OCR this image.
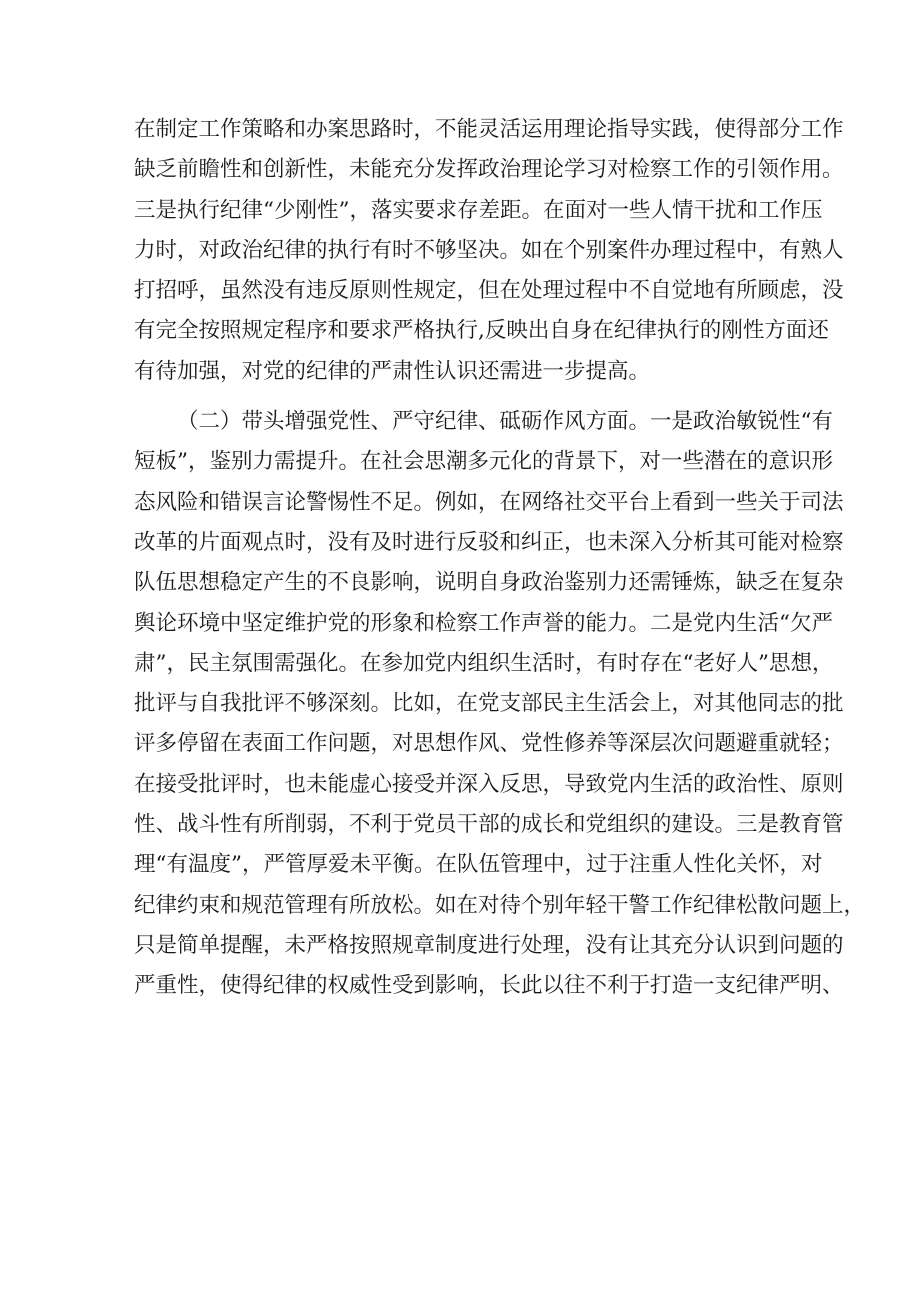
在制定工作策略和办案思路时，不能灵活运用理论指导实践，使得部分工作
缺乏前瞻性和创新性，未能充分发挥政治理论学习对检察工作的引领作用。
三是执行纪律“少刚性”，落实要求存差距。在面对一些人情干扰和工作压
力时，对政治纪律的执行有时不够坚决。如在个别案件办理过程中，有熟人
打招呼，虽然没有违反原则性规定，但在处理过程中不自觉地有所顾虑，没
有完全按照规定程序和要求严格执行,反映出自身在纪律执行的刚性方面还
有待加强，对党的纪律的严肃性认识还需进一步提高。
（二）带头增强党性、严守纪律、砥砺作风方面。一是政治敏锐性“有
短板”，鉴别力需提升。在社会思潮多元化的背景下，对一些潜在的意识形
态风险和错误言论警惕性不足。例如，在网络社交平台上看到一些关于司法
改革的片面观点时，没有及时进行反驳和纠正，也未深入分析其可能对检察
队伍思想稳定产生的不良影响，说明自身政治鉴别力还需锤炼，缺乏在复杂
舆论环境中坚定维护党的形象和检察工作声誉的能力。二是党内生活“欠严
肃”，民主氛围需强化。在参加党内组织生活时，有时存在“老好人”思想，
批评与自我批评不够深刻。比如，在党支部民主生活会上，对其他同志的批
评多停留在表面工作问题，对思想作风、党性修养等深层次问题避重就轻；
在接受批评时，也未能虚心接受并深入反思，导致党内生活的政治性、原则
性、战斗性有所削弱，不利于党员干部的成长和党组织的建设。三是教育管
理“有温度”，严管厚爱未平衡。在队伍管理中，过于注重人性化关怀，对
纪律约束和规范管理有所放松。如在对待个别年轻干警工作纪律松散问题上，
只是简单提醒，未严格按照规章制度进行处理，没有让其充分认识到问题的
严重性，使得纪律的权威性受到影响，长此以往不利于打造一支纪律严明、
